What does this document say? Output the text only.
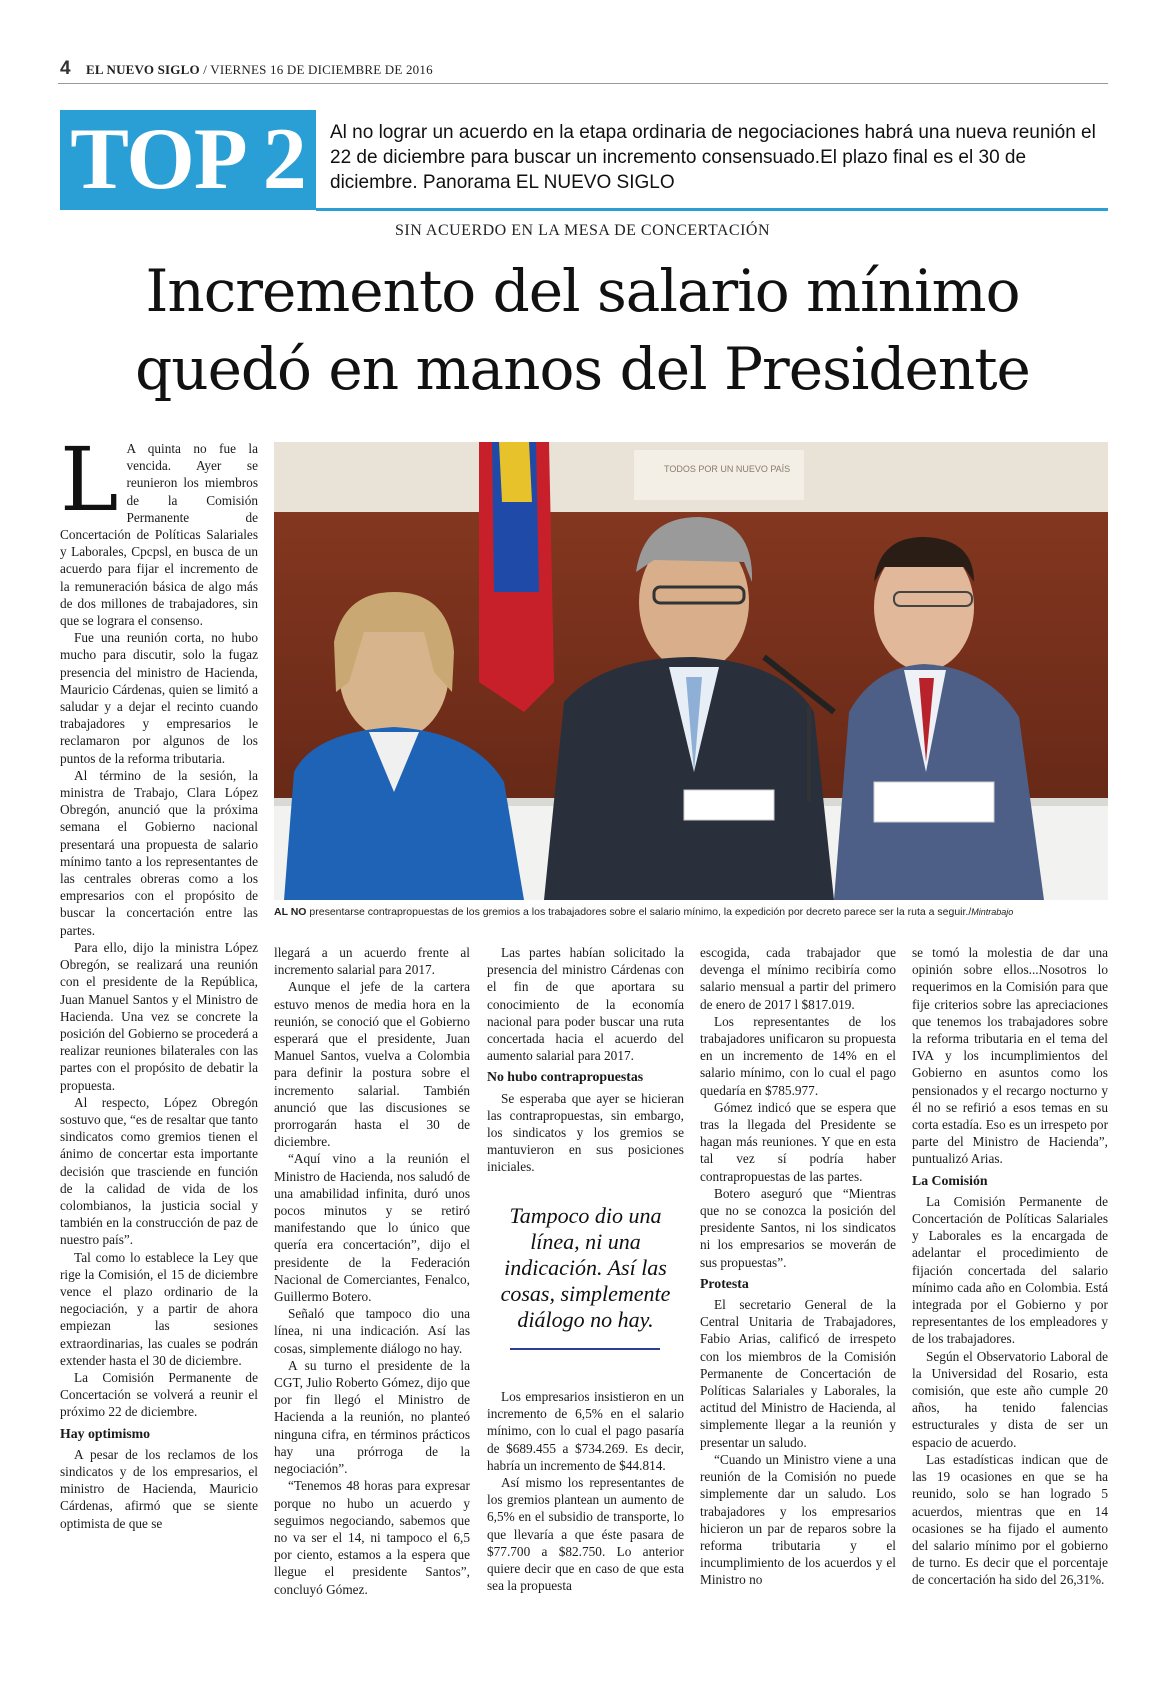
4 EL NUEVO SIGLO / VIERNES 16 DE DICIEMBRE DE 2016
TOP 2	Al no lograr un acuerdo en la etapa ordinaria de negociaciones habrá una nueva reunión el 22 de diciembre para buscar un incremento consensuado.El plazo final es el 30 de diciembre. Panorama EL NUEVO SIGLO
SIN ACUERDO EN LA MESA DE CONCERTACIÓN
Incremento del salario mínimo
quedó en manos del Presidente
TODOS POR UN NUEVO PAÍS
AL NO presentarse contrapropuestas de los gremios a los trabajadores sobre el salario mínimo, la expedición por decreto parece ser la ruta a seguir./Mintrabajo
L A quinta no fue la vencida. Ayer se reunieron los miembros de la Comisión Permanente de Concertación de Políticas Salariales y Laborales, Cpcpsl, en busca de un acuerdo para fijar el incremento de la remuneración básica de algo más de dos millones de trabajadores, sin que se lograra el consenso.

Fue una reunión corta, no hubo mucho para discutir, solo la fugaz presencia del ministro de Hacienda, Mauricio Cárdenas, quien se limitó a saludar y a dejar el recinto cuando trabajadores y empresarios le reclamaron por algunos de los puntos de la reforma tributaria.

Al término de la sesión, la ministra de Trabajo, Clara López Obregón, anunció que la próxima semana el Gobierno nacional presentará una propuesta de salario mínimo tanto a los representantes de las centrales obreras como a los empresarios con el propósito de buscar la concertación entre las partes.

Para ello, dijo la ministra López Obregón, se realizará una reunión con el presidente de la República, Juan Manuel Santos y el Ministro de Hacienda. Una vez se concrete la posición del Gobierno se procederá a realizar reuniones bilaterales con las partes con el propósito de debatir la propuesta.

Al respecto, López Obregón sostuvo que, “es de resaltar que tanto sindicatos como gremios tienen el ánimo de concertar esta importante decisión que trasciende en función de la calidad de vida de los colombianos, la justicia social y también en la construcción de paz de nuestro país”.

Tal como lo establece la Ley que rige la Comisión, el 15 de diciembre vence el plazo ordinario de la negociación, y a partir de ahora empiezan las sesiones extraordinarias, las cuales se podrán extender hasta el 30 de diciembre.

La Comisión Permanente de Concertación se volverá a reunir el próximo 22 de diciembre.

Hay optimismo

A pesar de los reclamos de los sindicatos y de los empresarios, el ministro de Hacienda, Mauricio Cárdenas, afirmó que se siente optimista de que se

llegará a un acuerdo frente al incremento salarial para 2017.

Aunque el jefe de la cartera estuvo menos de media hora en la reunión, se conoció que el Gobierno esperará que el presidente, Juan Manuel Santos, vuelva a Colombia para definir la postura sobre el incremento salarial. También anunció que las discusiones se prorrogarán hasta el 30 de diciembre.

“Aquí vino a la reunión el Ministro de Hacienda, nos saludó de una amabilidad infinita, duró unos pocos minutos y se retiró manifestando que lo único que quería era concertación”, dijo el presidente de la Federación Nacional de Comerciantes, Fenalco, Guillermo Botero.

Señaló que tampoco dio una línea, ni una indicación. Así las cosas, simplemente diálogo no hay.

A su turno el presidente de la CGT, Julio Roberto Gómez, dijo que por fin llegó el Ministro de Hacienda a la reunión, no planteó ninguna cifra, en términos prácticos hay una prórroga de la negociación”.

“Tenemos 48 horas para expresar porque no hubo un acuerdo y seguimos negociando, sabemos que no va ser el 14, ni tampoco el 6,5 por ciento, estamos a la espera que llegue el presidente Santos”, concluyó Gómez.

Las partes habían solicitado la presencia del ministro Cárdenas con el fin de que aportara su conocimiento de la economía nacional para poder buscar una ruta concertada hacia el acuerdo del aumento salarial para 2017.

No hubo contrapropuestas

Se esperaba que ayer se hicieran las contrapropuestas, sin embargo, los sindicatos y los gremios se mantuvieron en sus posiciones iniciales.

Tampoco dio una línea, ni una indicación. Así las cosas, simplemente diálogo no hay.

Los empresarios insistieron en un incremento de 6,5% en el salario mínimo, con lo cual el pago pasaría de $689.455 a $734.269. Es decir, habría un incremento de $44.814.

Así mismo los representantes de los gremios plantean un aumento de 6,5% en el subsidio de transporte, lo que llevaría a que éste pasara de $77.700 a $82.750. Lo anterior quiere decir que en caso de que esta sea la propuesta

escogida, cada trabajador que devenga el mínimo recibiría como salario mensual a partir del primero de enero de 2017 l $817.019.

Los representantes de los trabajadores unificaron su propuesta en un incremento de 14% en el salario mínimo, con lo cual el pago quedaría en $785.977.

Gómez indicó que se espera que tras la llegada del Presidente se hagan más reuniones. Y que en esta tal vez sí podría haber contrapropuestas de las partes.

Botero aseguró que “Mientras que no se conozca la posición del presidente Santos, ni los sindicatos ni los empresarios se moverán de sus propuestas”.

Protesta

El secretario General de la Central Unitaria de Trabajadores, Fabio Arias, calificó de irrespeto con los miembros de la Comisión Permanente de Concertación de Políticas Salariales y Laborales, la actitud del Ministro de Hacienda, al simplemente llegar a la reunión y presentar un saludo.

“Cuando un Ministro viene a una reunión de la Comisión no puede simplemente dar un saludo. Los trabajadores y los empresarios hicieron un par de reparos sobre la reforma tributaria y el incumplimiento de los acuerdos y el Ministro no

se tomó la molestia de dar una opinión sobre ellos...Nosotros lo requerimos en la Comisión para que fije criterios sobre las apreciaciones que tenemos los trabajadores sobre la reforma tributaria en el tema del IVA y los incumplimientos del Gobierno en asuntos como los pensionados y el recargo nocturno y él no se refirió a esos temas en su corta estadía. Eso es un irrespeto por parte del Ministro de Hacienda”, puntualizó Arias.

La Comisión

La Comisión Permanente de Concertación de Políticas Salariales y Laborales es la encargada de adelantar el procedimiento de fijación concertada del salario mínimo cada año en Colombia. Está integrada por el Gobierno y por representantes de los empleadores y de los trabajadores.

Según el Observatorio Laboral de la Universidad del Rosario, esta comisión, que este año cumple 20 años, ha tenido falencias estructurales y dista de ser un espacio de acuerdo.

Las estadísticas indican que de las 19 ocasiones en que se ha reunido, solo se han logrado 5 acuerdos, mientras que en 14 ocasiones se ha fijado el aumento del salario mínimo por el gobierno de turno. Es decir que el porcentaje de concertación ha sido del 26,31%.
